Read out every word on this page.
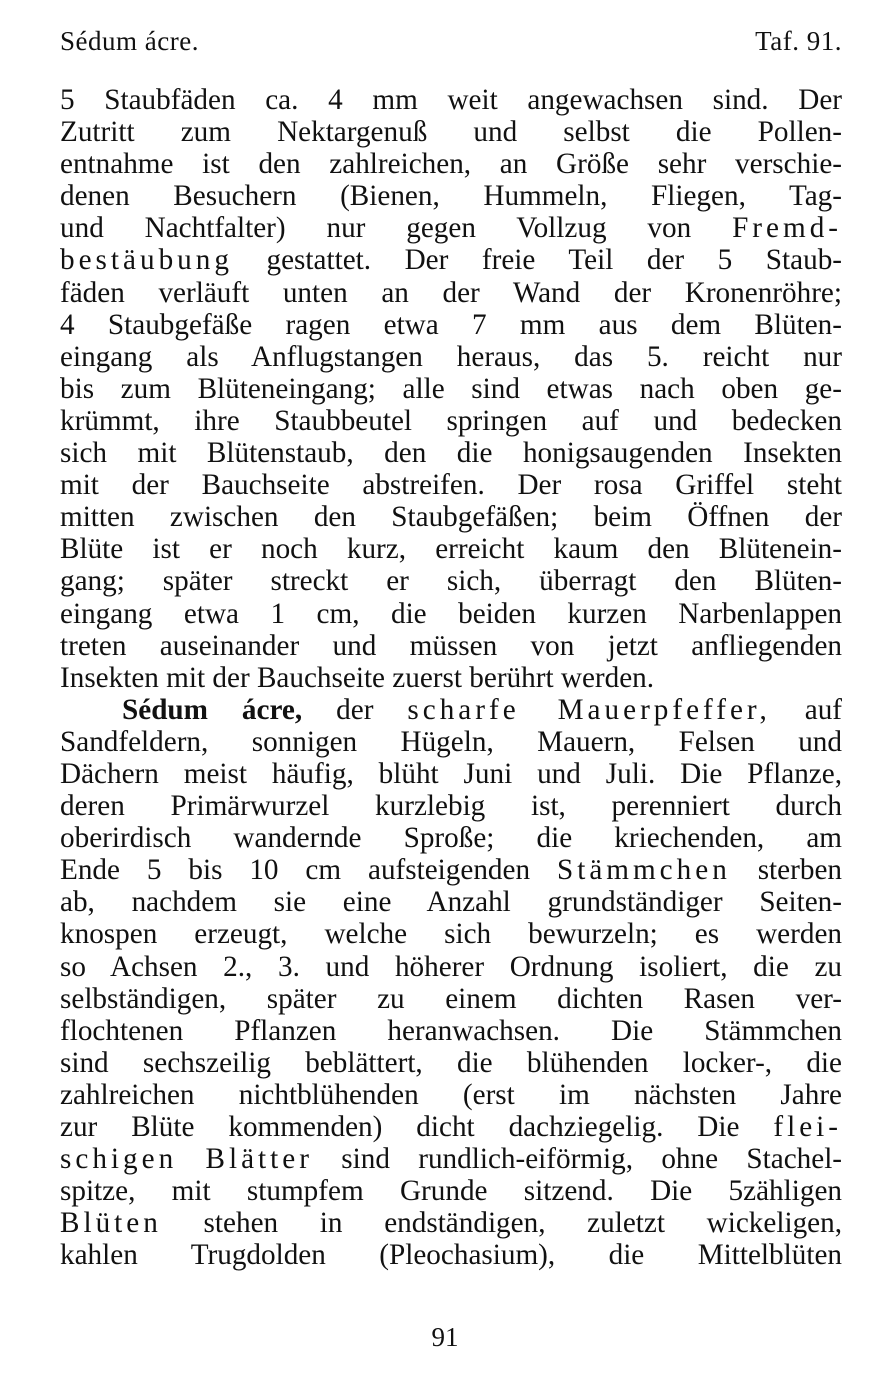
Sédum ácre.	Taf. 91.
5 Staubfäden ca. 4 mm weit angewachsen sind. Der
Zutritt zum Nektargenuß und selbst die Pollen-
entnahme ist den zahlreichen, an Größe sehr verschie-
denen Besuchern (Bienen, Hummeln, Fliegen, Tag-
und Nachtfalter) nur gegen Vollzug von Fremd-
bestäubung gestattet. Der freie Teil der 5 Staub-
fäden verläuft unten an der Wand der Kronenröhre;
4 Staubgefäße ragen etwa 7 mm aus dem Blüten-
eingang als Anflugstangen heraus, das 5. reicht nur
bis zum Blüteneingang; alle sind etwas nach oben ge-
krümmt, ihre Staubbeutel springen auf und bedecken
sich mit Blütenstaub, den die honigsaugenden Insekten
mit der Bauchseite abstreifen. Der rosa Griffel steht
mitten zwischen den Staubgefäßen; beim Öffnen der
Blüte ist er noch kurz, erreicht kaum den Blütenein-
gang; später streckt er sich, überragt den Blüten-
eingang etwa 1 cm, die beiden kurzen Narbenlappen
treten auseinander und müssen von jetzt anfliegenden
Insekten mit der Bauchseite zuerst berührt werden.
Sédum ácre, der scharfe Mauerpfeffer, auf
Sandfeldern, sonnigen Hügeln, Mauern, Felsen und
Dächern meist häufig, blüht Juni und Juli. Die Pflanze,
deren Primärwurzel kurzlebig ist, perenniert durch
oberirdisch wandernde Sproße; die kriechenden, am
Ende 5 bis 10 cm aufsteigenden Stämmchen sterben
ab, nachdem sie eine Anzahl grundständiger Seiten-
knospen erzeugt, welche sich bewurzeln; es werden
so Achsen 2., 3. und höherer Ordnung isoliert, die zu
selbständigen, später zu einem dichten Rasen ver-
flochtenen Pflanzen heranwachsen. Die Stämmchen
sind sechszeilig beblättert, die blühenden locker-, die
zahlreichen nichtblühenden (erst im nächsten Jahre
zur Blüte kommenden) dicht dachziegelig. Die flei-
schigen Blätter sind rundlich-eiförmig, ohne Stachel-
spitze, mit stumpfem Grunde sitzend. Die 5zähligen
Blüten stehen in endständigen, zuletzt wickeligen,
kahlen Trugdolden (Pleochasium), die Mittelblüten
91
